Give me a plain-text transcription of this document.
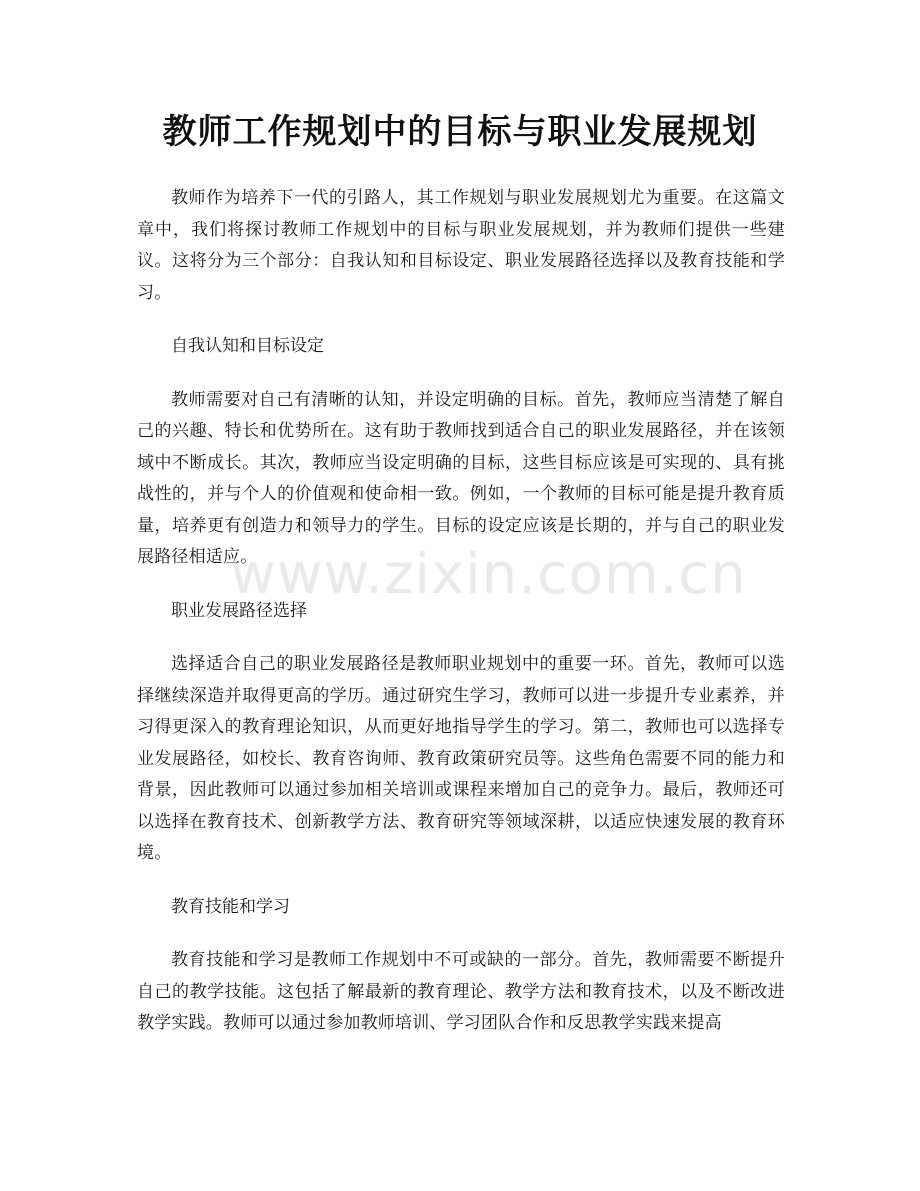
教师工作规划中的目标与职业发展规划

教师作为培养下一代的引路人，其工作规划与职业发展规划尤为重要。在这篇文章中，我们将探讨教师工作规划中的目标与职业发展规划，并为教师们提供一些建议。这将分为三个部分：自我认知和目标设定、职业发展路径选择以及教育技能和学习。

自我认知和目标设定

教师需要对自己有清晰的认知，并设定明确的目标。首先，教师应当清楚了解自己的兴趣、特长和优势所在。这有助于教师找到适合自己的职业发展路径，并在该领域中不断成长。其次，教师应当设定明确的目标，这些目标应该是可实现的、具有挑战性的，并与个人的价值观和使命相一致。例如，一个教师的目标可能是提升教育质量，培养更有创造力和领导力的学生。目标的设定应该是长期的，并与自己的职业发展路径相适应。

职业发展路径选择

选择适合自己的职业发展路径是教师职业规划中的重要一环。首先，教师可以选择继续深造并取得更高的学历。通过研究生学习，教师可以进一步提升专业素养，并习得更深入的教育理论知识，从而更好地指导学生的学习。第二，教师也可以选择专业发展路径，如校长、教育咨询师、教育政策研究员等。这些角色需要不同的能力和背景，因此教师可以通过参加相关培训或课程来增加自己的竞争力。最后，教师还可以选择在教育技术、创新教学方法、教育研究等领域深耕，以适应快速发展的教育环境。

教育技能和学习

教育技能和学习是教师工作规划中不可或缺的一部分。首先，教师需要不断提升自己的教学技能。这包括了解最新的教育理论、教学方法和教育技术，以及不断改进教学实践。教师可以通过参加教师培训、学习团队合作和反思教学实践来提高

www.zixin.com.cn
